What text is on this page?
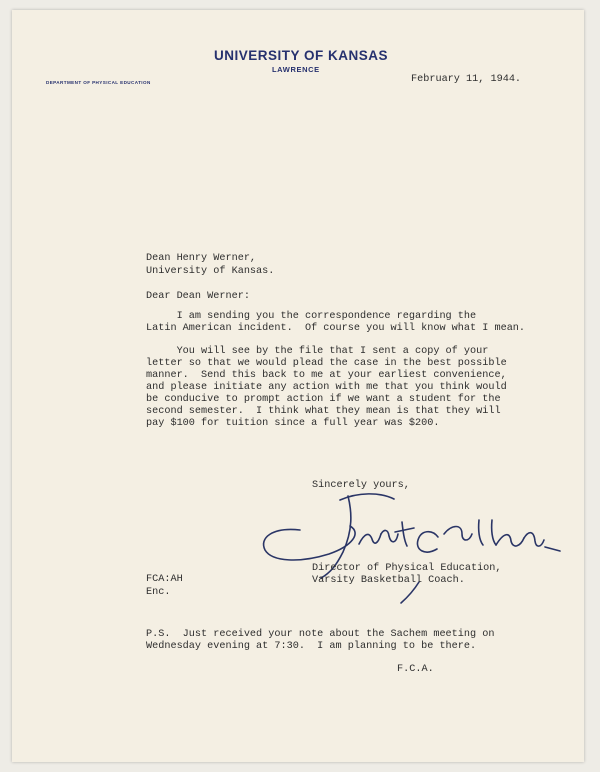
UNIVERSITY OF KANSAS
LAWRENCE
DEPARTMENT OF PHYSICAL EDUCATION	February 11, 1944.
Dean Henry Werner,
University of Kansas.
Dear Dean Werner:
I am sending you the correspondence regarding the
Latin American incident.  Of course you will know what I mean.
You will see by the file that I sent a copy of your
letter so that we would plead the case in the best possible
manner.  Send this back to me at your earliest convenience,
and please initiate any action with me that you think would
be conducive to prompt action if we want a student for the
second semester.  I think what they mean is that they will
pay $100 for tuition since a full year was $200.
Sincerely yours,
Director of Physical Education,
Varsity Basketball Coach.
FCA:AH
Enc.
P.S.  Just received your note about the Sachem meeting on
Wednesday evening at 7:30.  I am planning to be there.
F.C.A.
